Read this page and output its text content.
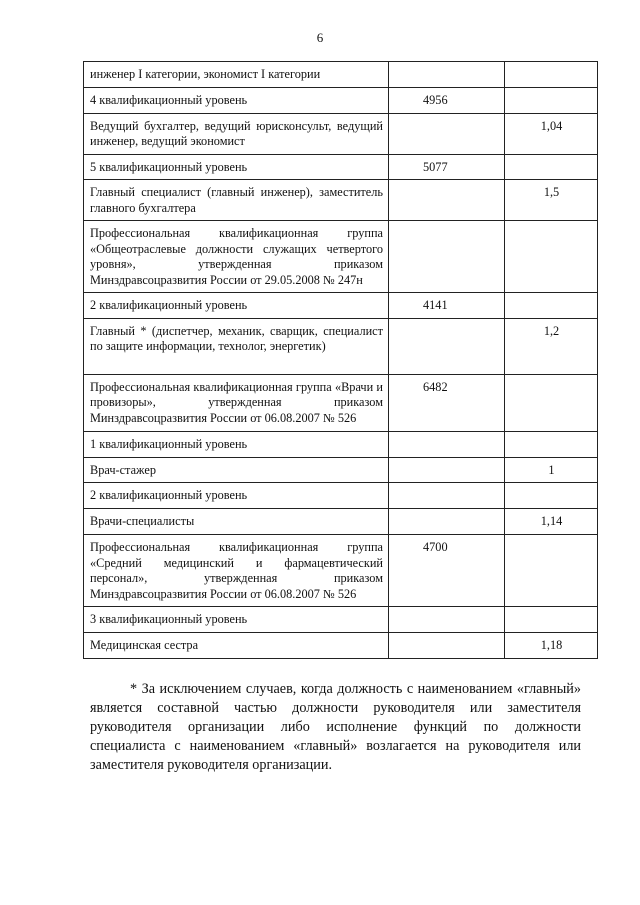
6
инженер I категории, экономист I категории		
4 квалификационный уровень	4956	
Ведущий бухгалтер, ведущий юрисконсульт, ведущий инженер, ведущий экономист		1,04
5 квалификационный уровень	5077	
Главный специалист (главный инженер), заместитель главного бухгалтера		1,5
Профессиональная квалификационная группа «Общеотраслевые должности служащих четвертого уровня», утвержденная приказом Минздравсоцразвития России от 29.05.2008 № 247н		
2 квалификационный уровень	4141	
Главный * (диспетчер, механик, сварщик, специалист по защите информации, технолог, энергетик)		1,2
Профессиональная квалификационная группа «Врачи и провизоры», утвержденная приказом Минздравсоцразвития России от 06.08.2007 № 526	6482	
1 квалификационный уровень		
Врач-стажер		1
2 квалификационный уровень		
Врачи-специалисты		1,14
Профессиональная квалификационная группа «Средний медицинский и фармацевтический персонал», утвержденная приказом Минздравсоцразвития России от 06.08.2007 № 526	4700	
3 квалификационный уровень		
Медицинская сестра		1,18

* За исключением случаев, когда должность с наименованием «главный» является составной частью должности руководителя или заместителя руководителя организации либо исполнение функций по должности специалиста с наименованием «главный» возлагается на руководителя или заместителя руководителя организации.
